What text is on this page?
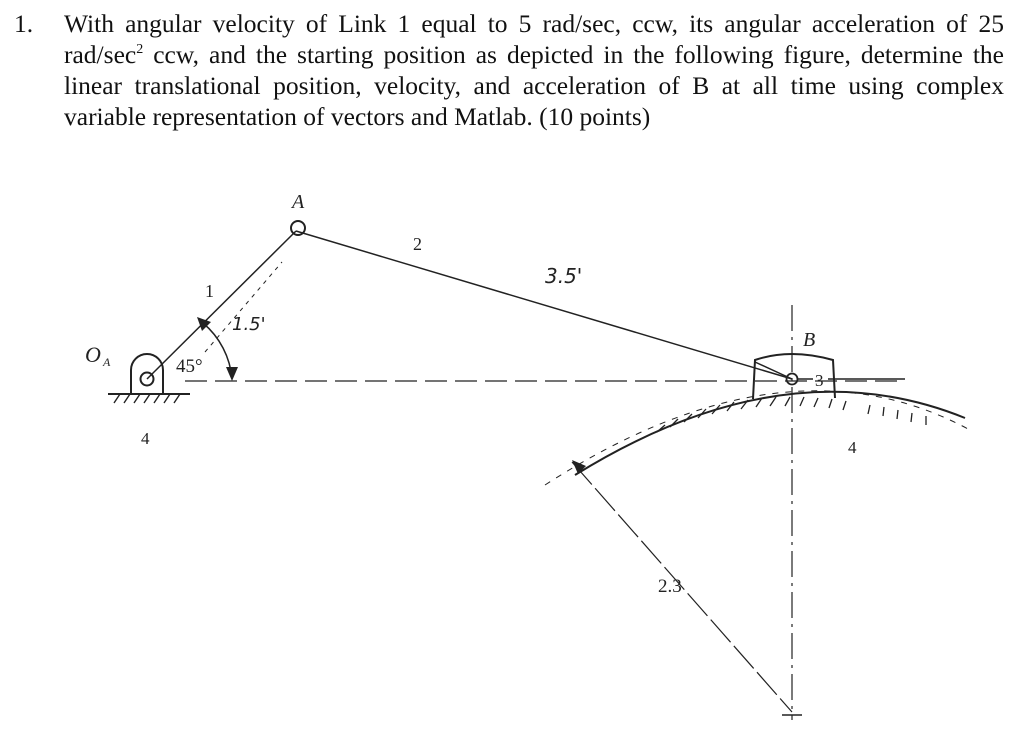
1.	With angular velocity of Link 1 equal to 5 rad/sec, ccw, its angular acceleration of 25 rad/$\sec^2$ ccw, and the starting position as depicted in the following figure, determine the linear translational position, velocity, and acceleration of B at all time using complex variable representation of vectors and Matlab. (10 points)
O A
A
1
1.5'
45°
2
3.5'
B
3
4	4
2.3
